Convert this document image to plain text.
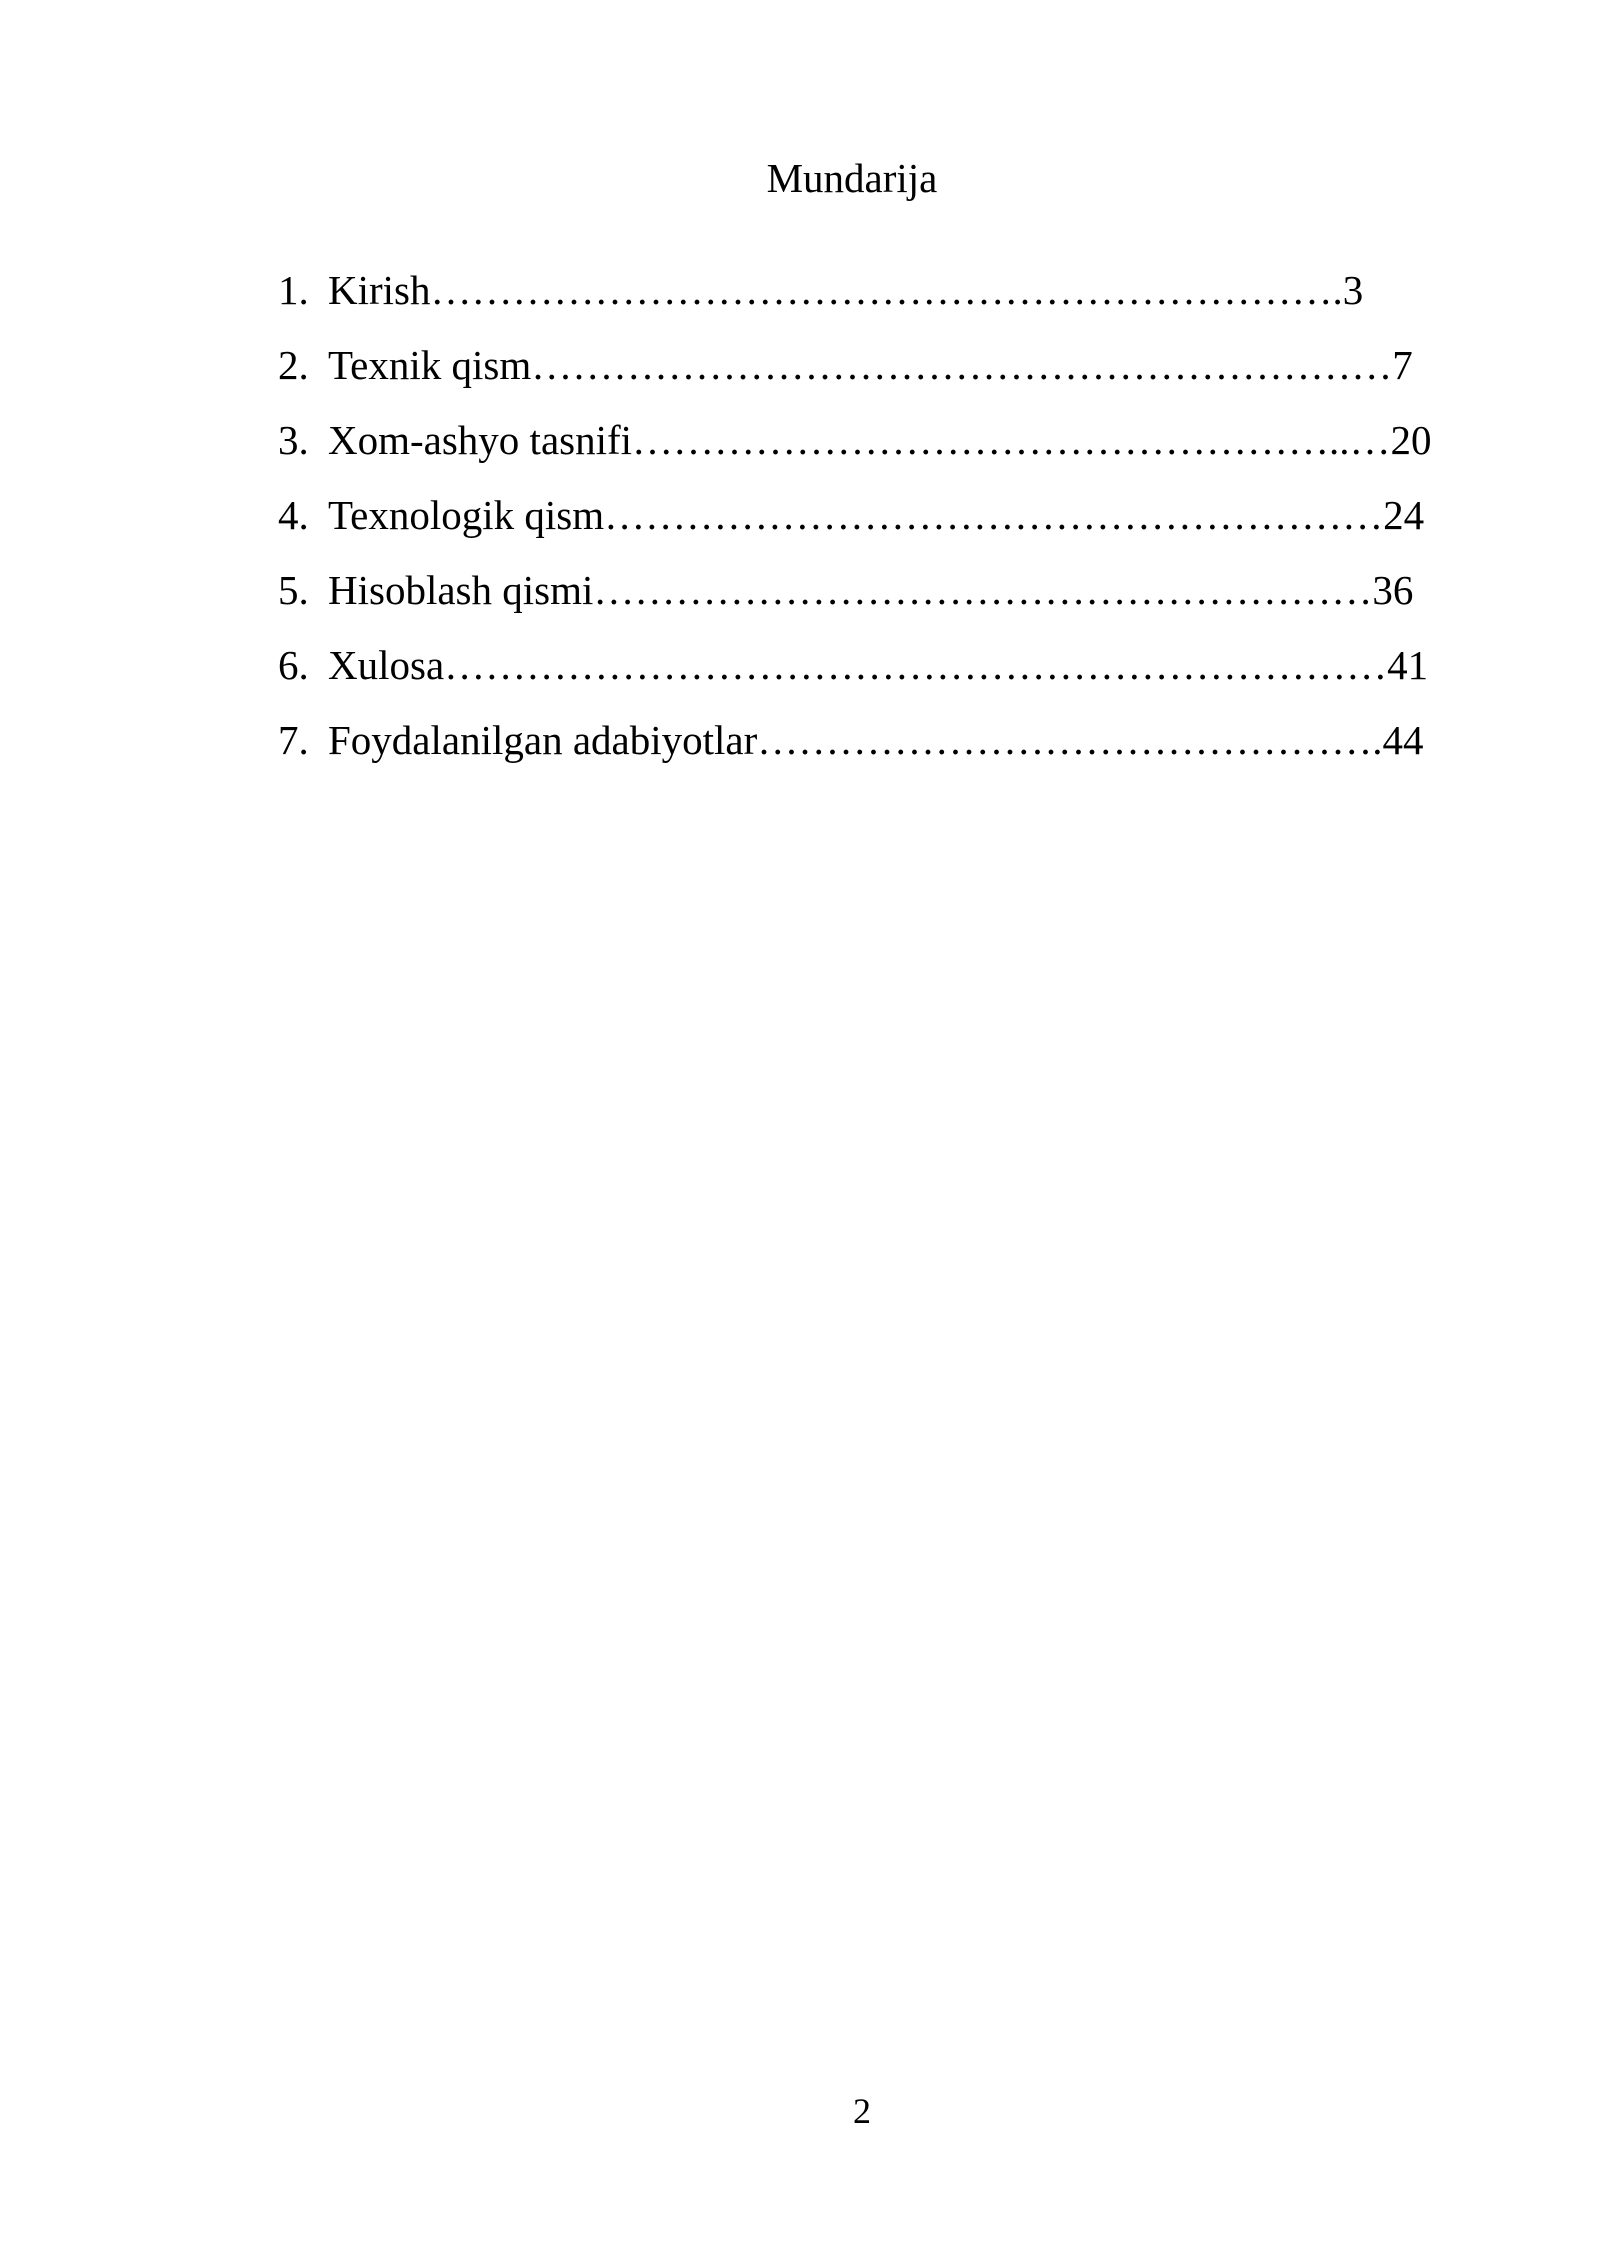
Mundarija
1. Kirish………………………………………………………….3
2. Texnik qism………………………………………………………7
3. Xom-ashyo tasnifi……………………………………………..…20
4. Texnologik qism…………………………………………………24
5. Hisoblash qismi…………………………………………………36
6. Xulosa……………………………………………………………41
7. Foydalanilgan adabiyotlar……………………………………….44
2
